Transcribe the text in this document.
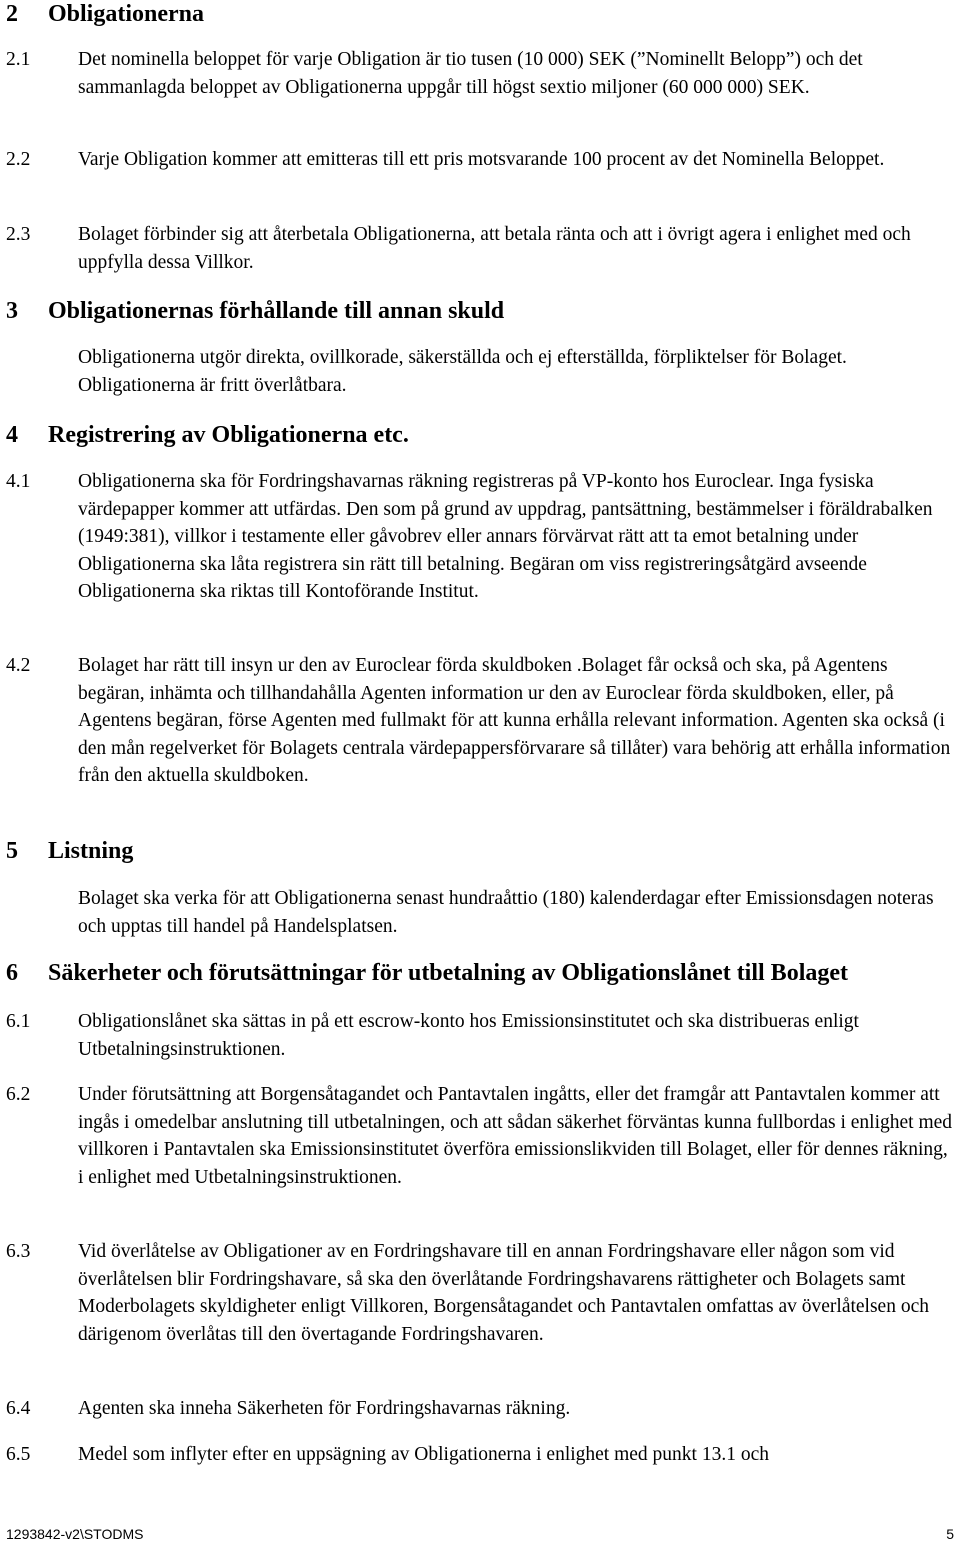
2 Obligationerna
2.1 Det nominella beloppet för varje Obligation är tio tusen (10 000) SEK (”Nominellt Belopp”) och det sammanlagda beloppet av Obligationerna uppgår till högst sextio miljoner (60 000 000) SEK.

2.2 Varje Obligation kommer att emitteras till ett pris motsvarande 100 procent av det Nominella Beloppet.

2.3 Bolaget förbinder sig att återbetala Obligationerna, att betala ränta och att i övrigt agera i enlighet med och uppfylla dessa Villkor.

3 Obligationernas förhållande till annan skuld

Obligationerna utgör direkta, ovillkorade, säkerställda och ej efterställda, förpliktelser för Bolaget. Obligationerna är fritt överlåtbara.

4 Registrering av Obligationerna etc.
4.1 Obligationerna ska för Fordringshavarnas räkning registreras på VP-konto hos Euroclear. Inga fysiska värdepapper kommer att utfärdas. Den som på grund av uppdrag, pantsättning, bestämmelser i föräldrabalken (1949:381), villkor i testamente eller gåvobrev eller annars förvärvat rätt att ta emot betalning under Obligationerna ska låta registrera sin rätt till betalning. Begäran om viss registreringsåtgärd avseende Obligationerna ska riktas till Kontoförande Institut.

4.2 Bolaget har rätt till insyn ur den av Euroclear förda skuldboken .Bolaget får också och ska, på Agentens begäran, inhämta och tillhandahålla Agenten information ur den av Euroclear förda skuldboken, eller, på Agentens begäran, förse Agenten med fullmakt för att kunna erhålla relevant information. Agenten ska också (i den mån regelverket för Bolagets centrala värdepappersförvarare så tillåter) vara behörig att erhålla information från den aktuella skuldboken.

5 Listning

Bolaget ska verka för att Obligationerna senast hundraåttio (180) kalenderdagar efter Emissionsdagen noteras och upptas till handel på Handelsplatsen.

6 Säkerheter och förutsättningar för utbetalning av Obligationslånet till Bolaget
6.1 Obligationslånet ska sättas in på ett escrow-konto hos Emissionsinstitutet och ska distribueras enligt Utbetalningsinstruktionen.

6.2 Under förutsättning att Borgensåtagandet och Pantavtalen ingåtts, eller det framgår att Pantavtalen kommer att ingås i omedelbar anslutning till utbetalningen, och att sådan säkerhet förväntas kunna fullbordas i enlighet med villkoren i Pantavtalen ska Emissionsinstitutet överföra emissionslikviden till Bolaget, eller för dennes räkning, i enlighet med Utbetalningsinstruktionen.

6.3 Vid överlåtelse av Obligationer av en Fordringshavare till en annan Fordringshavare eller någon som vid överlåtelsen blir Fordringshavare, så ska den överlåtande Fordringshavarens rättigheter och Bolagets samt Moderbolagets skyldigheter enligt Villkoren, Borgensåtagandet och Pantavtalen omfattas av överlåtelsen och därigenom överlåtas till den övertagande Fordringshavaren.

6.4 Agenten ska inneha Säkerheten för Fordringshavarnas räkning.

6.5 Medel som inflyter efter en uppsägning av Obligationerna i enlighet med punkt 13.1 och

1293842-v2\STODMS	5
